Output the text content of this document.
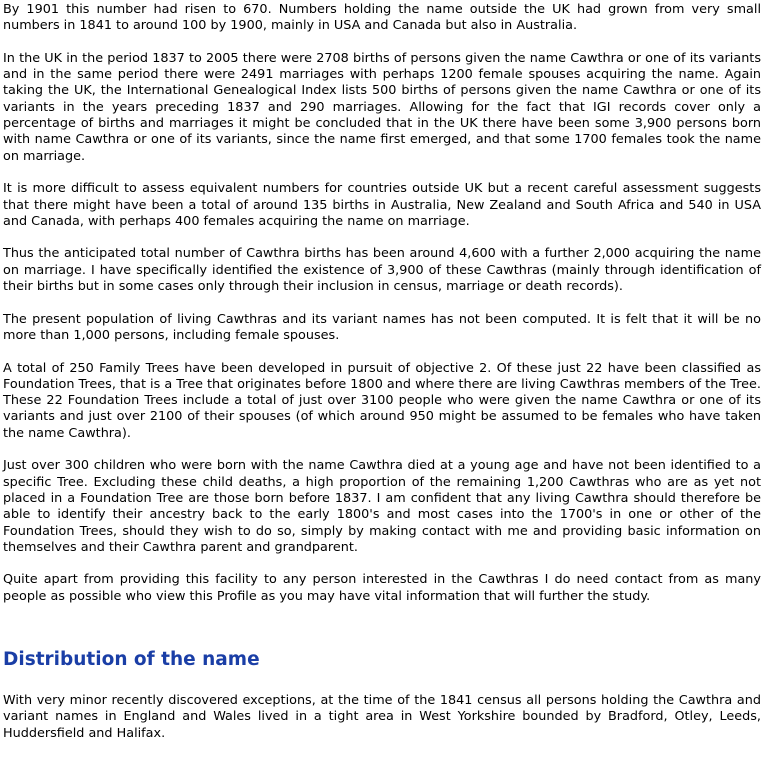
By 1901 this number had risen to 670. Numbers holding the name outside the UK had grown from very small numbers in 1841 to around 100 by 1900, mainly in USA and Canada but also in Australia.

In the UK in the period 1837 to 2005 there were 2708 births of persons given the name Cawthra or one of its variants and in the same period there were 2491 marriages with perhaps 1200 female spouses acquiring the name. Again taking the UK, the International Genealogical Index lists 500 births of persons given the name Cawthra or one of its variants in the years preceding 1837 and 290 marriages. Allowing for the fact that IGI records cover only a percentage of births and marriages it might be concluded that in the UK there have been some 3,900 persons born with name Cawthra or one of its variants, since the name first emerged, and that some 1700 females took the name on marriage.

It is more difficult to assess equivalent numbers for countries outside UK but a recent careful assessment suggests that there might have been a total of around 135 births in Australia, New Zealand and South Africa and 540 in USA and Canada, with perhaps 400 females acquiring the name on marriage.

Thus the anticipated total number of Cawthra births has been around 4,600 with a further 2,000 acquiring the name on marriage. I have specifically identified the existence of 3,900 of these Cawthras (mainly through identification of their births but in some cases only through their inclusion in census, marriage or death records).

The present population of living Cawthras and its variant names has not been computed. It is felt that it will be no more than 1,000 persons, including female spouses.

A total of 250 Family Trees have been developed in pursuit of objective 2. Of these just 22 have been classified as Foundation Trees, that is a Tree that originates before 1800 and where there are living Cawthras members of the Tree. These 22 Foundation Trees include a total of just over 3100 people who were given the name Cawthra or one of its variants and just over 2100 of their spouses (of which around 950 might be assumed to be females who have taken the name Cawthra).

Just over 300 children who were born with the name Cawthra died at a young age and have not been identified to a specific Tree. Excluding these child deaths, a high proportion of the remaining 1,200 Cawthras who are as yet not placed in a Foundation Tree are those born before 1837. I am confident that any living Cawthra should therefore be able to identify their ancestry back to the early 1800's and most cases into the 1700's in one or other of the Foundation Trees, should they wish to do so, simply by making contact with me and providing basic information on themselves and their Cawthra parent and grandparent.

Quite apart from providing this facility to any person interested in the Cawthras I do need contact from as many people as possible who view this Profile as you may have vital information that will further the study.

Distribution of the name

With very minor recently discovered exceptions, at the time of the 1841 census all persons holding the Cawthra and variant names in England and Wales lived in a tight area in West Yorkshire bounded by Bradford, Otley, Leeds, Huddersfield and Halifax.
